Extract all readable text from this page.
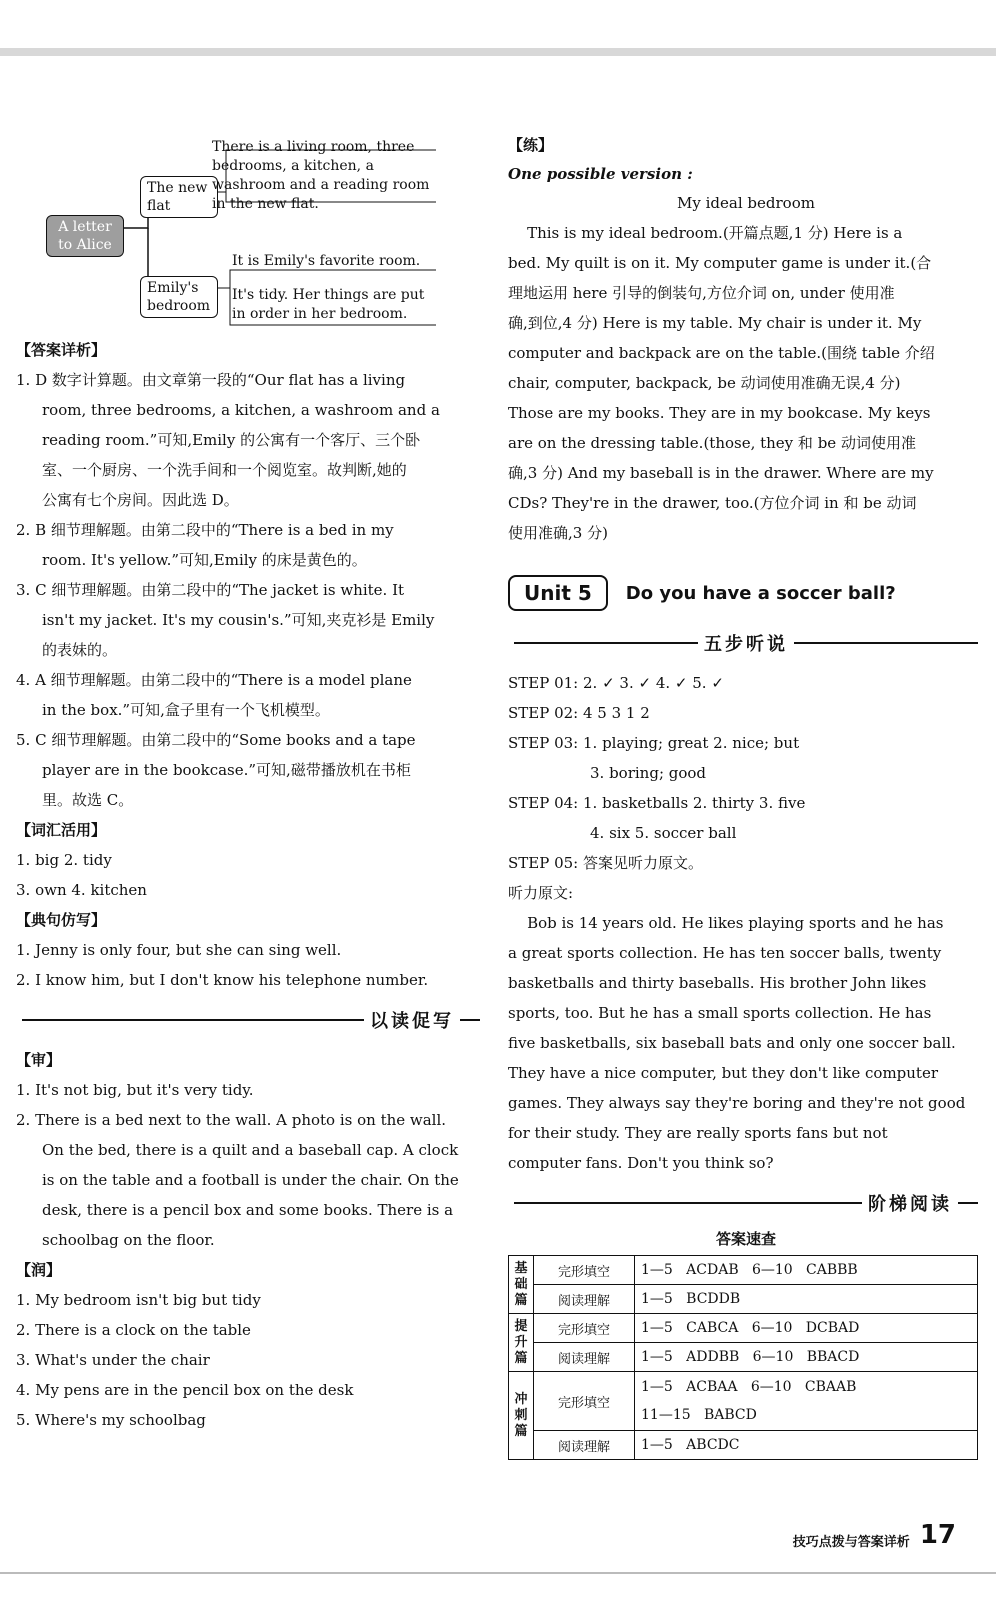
A letter to Alice
The new flat
Emily's bedroom
There is a living room, three bedrooms, a kitchen, a washroom and a reading room in the new flat.
It is Emily's favorite room.
It's tidy. Her things are put in order in her bedroom.
【答案详析】
1. D 数字计算题。由文章第一段的“Our flat has a living
room, three bedrooms, a kitchen, a washroom and a
reading room.”可知,Emily 的公寓有一个客厅、三个卧
室、一个厨房、一个洗手间和一个阅览室。故判断,她的
公寓有七个房间。因此选 D。
2. B 细节理解题。由第二段中的“There is a bed in my
room. It's yellow.”可知,Emily 的床是黄色的。
3. C 细节理解题。由第二段中的“The jacket is white. It
isn't my jacket. It's my cousin's.”可知,夹克衫是 Emily
的表妹的。
4. A 细节理解题。由第二段中的“There is a model plane
in the box.”可知,盒子里有一个飞机模型。
5. C 细节理解题。由第二段中的“Some books and a tape
player are in the bookcase.”可知,磁带播放机在书柜
里。故选 C。
【词汇活用】
1. big 2. tidy
3. own 4. kitchen
【典句仿写】
1. Jenny is only four, but she can sing well.
2. I know him, but I don't know his telephone number.
以读促写
【审】
1. It's not big, but it's very tidy.
2. There is a bed next to the wall. A photo is on the wall.
On the bed, there is a quilt and a baseball cap. A clock
is on the table and a football is under the chair. On the
desk, there is a pencil box and some books. There is a
schoolbag on the floor.
【润】
1. My bedroom isn't big but tidy
2. There is a clock on the table
3. What's under the chair
4. My pens are in the pencil box on the desk
5. Where's my schoolbag
【练】
One possible version :
My ideal bedroom
This is my ideal bedroom.(开篇点题,1 分) Here is a
bed. My quilt is on it. My computer game is under it.(合
理地运用 here 引导的倒装句,方位介词 on, under 使用准
确,到位,4 分) Here is my table. My chair is under it. My
computer and backpack are on the table.(围绕 table 介绍
chair, computer, backpack, be 动词使用准确无误,4 分)
Those are my books. They are in my bookcase. My keys
are on the dressing table.(those, they 和 be 动词使用准
确,3 分) And my baseball is in the drawer. Where are my
CDs? They're in the drawer, too.(方位介词 in 和 be 动词
使用准确,3 分)
Unit 5	Do you have a soccer ball?
五步听说
STEP 01: 2. ✓ 3. ✓ 4. ✓ 5. ✓
STEP 02: 4 5 3 1 2
STEP 03: 1. playing; great 2. nice; but
3. boring; good
STEP 04: 1. basketballs 2. thirty 3. five
4. six 5. soccer ball
STEP 05: 答案见听力原文。
听力原文:
Bob is 14 years old. He likes playing sports and he has
a great sports collection. He has ten soccer balls, twenty
basketballs and thirty baseballs. His brother John likes
sports, too. But he has a small sports collection. He has
five basketballs, six baseball bats and only one soccer ball.
They have a nice computer, but they don't like computer
games. They always say they're boring and they're not good
for their study. They are really sports fans but not
computer fans. Don't you think so?
阶梯阅读
答案速查
基础篇	完形填空	1—5   ACDAB   6—10   CABBB
	阅读理解	1—5   BCDDB
提升篇	完形填空	1—5   CABCA   6—10   DCBAD
	阅读理解	1—5   ADDBB   6—10   BBACD
冲刺篇	完形填空	1—5   ACBAA   6—10   CBAAB
11—15   BABCD

	阅读理解	1—5   ABCDC
技巧点拨与答案详析 17
